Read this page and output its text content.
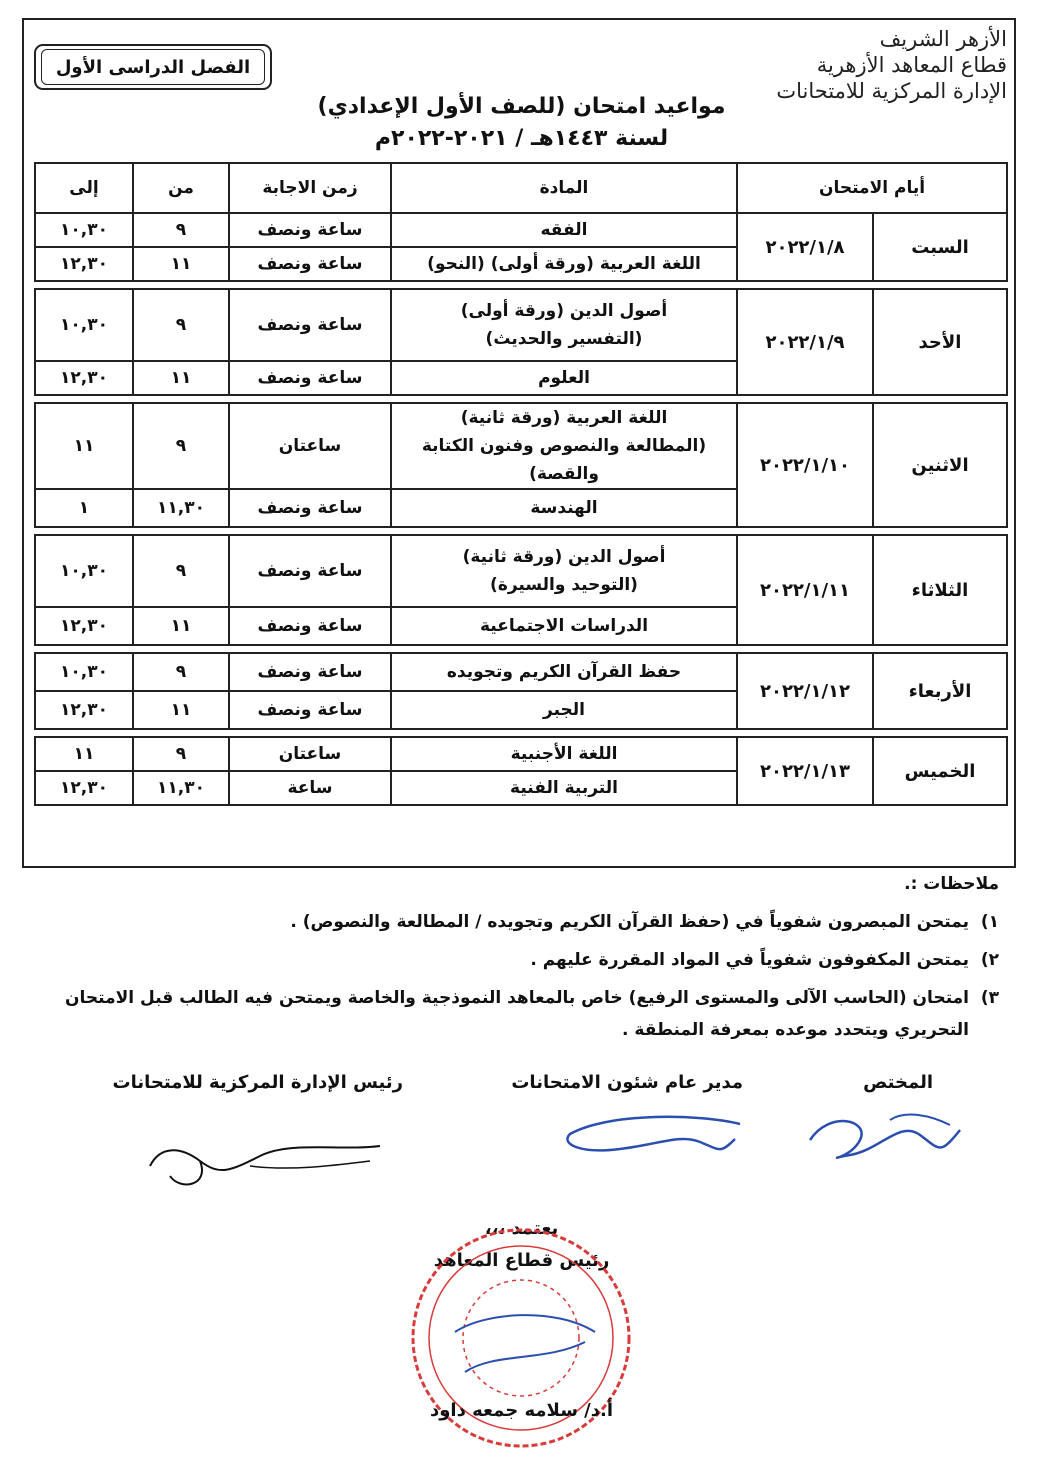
الأزهر الشريف
قطاع المعاهد الأزهرية
الإدارة المركزية للامتحانات
الفصل الدراسى الأول
مواعيد امتحان (للصف الأول الإعدادي)
لسنة ١٤٤٣هـ / ٢٠٢١-٢٠٢٢م
أيام الامتحان		المادة	زمن الاجابة	من	إلى
السبت	٢٠٢٢/١/٨	الفقه	ساعة ونصف	٩	١٠,٣٠

		اللغة العربية (ورقة أولى) (النحو)	ساعة ونصف	١١	١٢,٣٠

الأحد	٢٠٢٢/١/٩	أصول الدين (ورقة أولى)
(التفسير والحديث)	ساعة ونصف	٩	١٠,٣٠

		العلوم	ساعة ونصف	١١	١٢,٣٠

الاثنين	٢٠٢٢/١/١٠	اللغة العربية (ورقة ثانية)
(المطالعة والنصوص وفنون الكتابة والقصة)	ساعتان	٩	١١

		الهندسة	ساعة ونصف	١١,٣٠	١

الثلاثاء	٢٠٢٢/١/١١	أصول الدين (ورقة ثانية)
(التوحيد والسيرة)	ساعة ونصف	٩	١٠,٣٠

		الدراسات الاجتماعية	ساعة ونصف	١١	١٢,٣٠

الأربعاء	٢٠٢٢/١/١٢	حفظ القرآن الكريم وتجويده	ساعة ونصف	٩	١٠,٣٠

		الجبر	ساعة ونصف	١١	١٢,٣٠

الخميس	٢٠٢٢/١/١٣	اللغة الأجنبية	ساعتان	٩	١١

		التربية الفنية	ساعة	١١,٣٠	١٢,٣٠
ملاحظات :.
١)
يمتحن المبصرون شفوياً في (حفظ القرآن الكريم وتجويده / المطالعة والنصوص) .
٢)
يمتحن المكفوفون شفوياً في المواد المقررة عليهم .
٣)
امتحان (الحاسب الآلى والمستوى الرفيع) خاص بالمعاهد النموذجية والخاصة ويمتحن فيه الطالب قبل الامتحان التحريري ويتحدد موعده بمعرفة المنطقة .
المختص
مدير عام شئون الامتحانات
رئيس الإدارة المركزية للامتحانات
يعتمد ،،،
رئيس قطاع المعاهد
أ.د/ سلامه جمعه داود
